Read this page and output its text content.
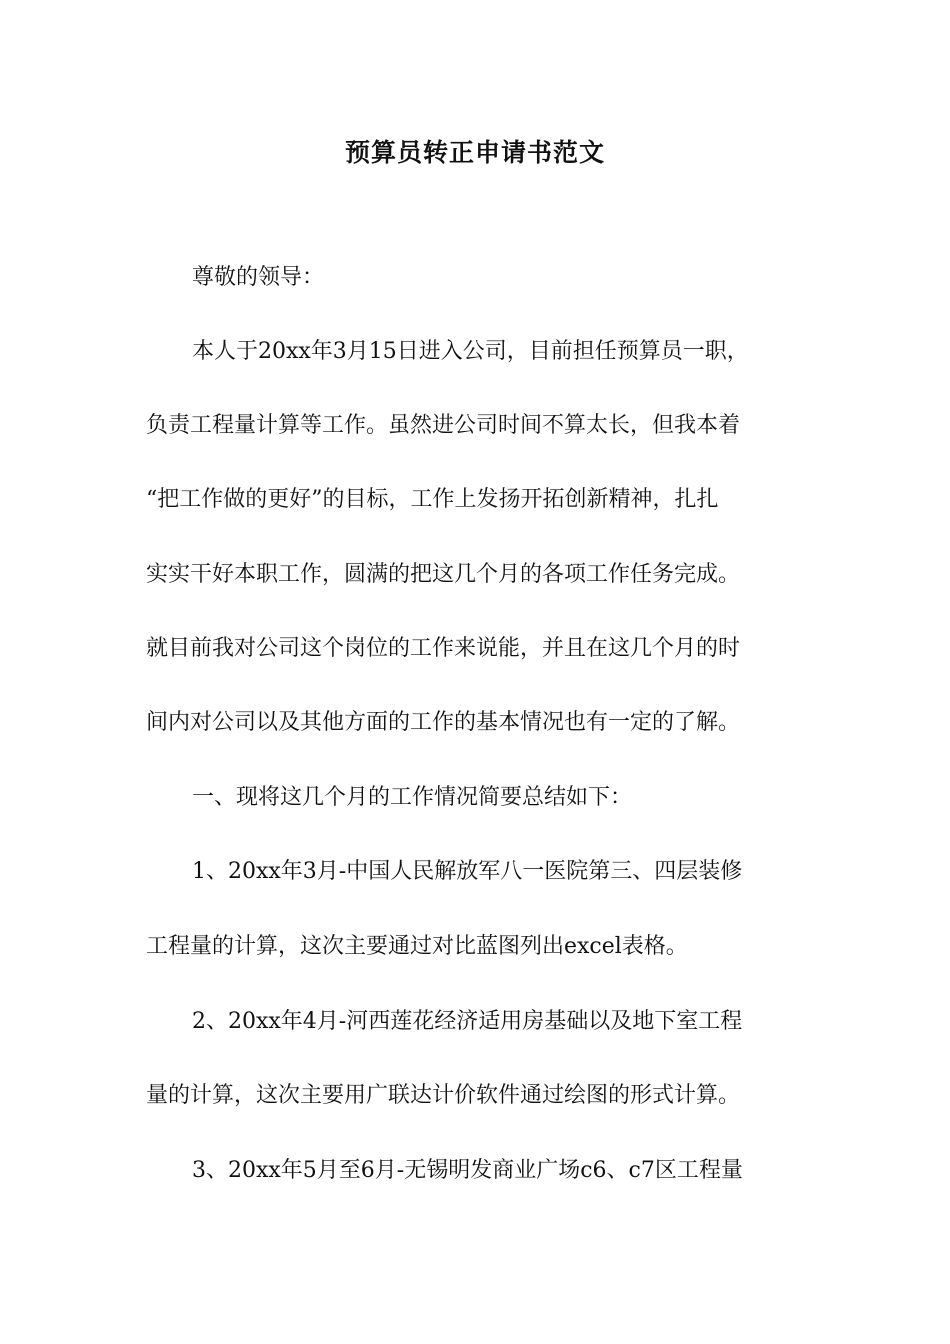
预算员转正申请书范文
尊敬的领导：
本人于20xx年3月15日进入公司，目前担任预算员一职，
负责工程量计算等工作。虽然进公司时间不算太长，但我本着
“把工作做的更好”的目标，工作上发扬开拓创新精神，扎扎
实实干好本职工作，圆满的把这几个月的各项工作任务完成。
就目前我对公司这个岗位的工作来说能，并且在这几个月的时
间内对公司以及其他方面的工作的基本情况也有一定的了解。
一、现将这几个月的工作情况简要总结如下：
1、20xx年3月-中国人民解放军八一医院第三、四层装修
工程量的计算，这次主要通过对比蓝图列出excel表格。
2、20xx年4月-河西莲花经济适用房基础以及地下室工程
量的计算，这次主要用广联达计价软件通过绘图的形式计算。
3、20xx年5月至6月-无锡明发商业广场c6、c7区工程量
